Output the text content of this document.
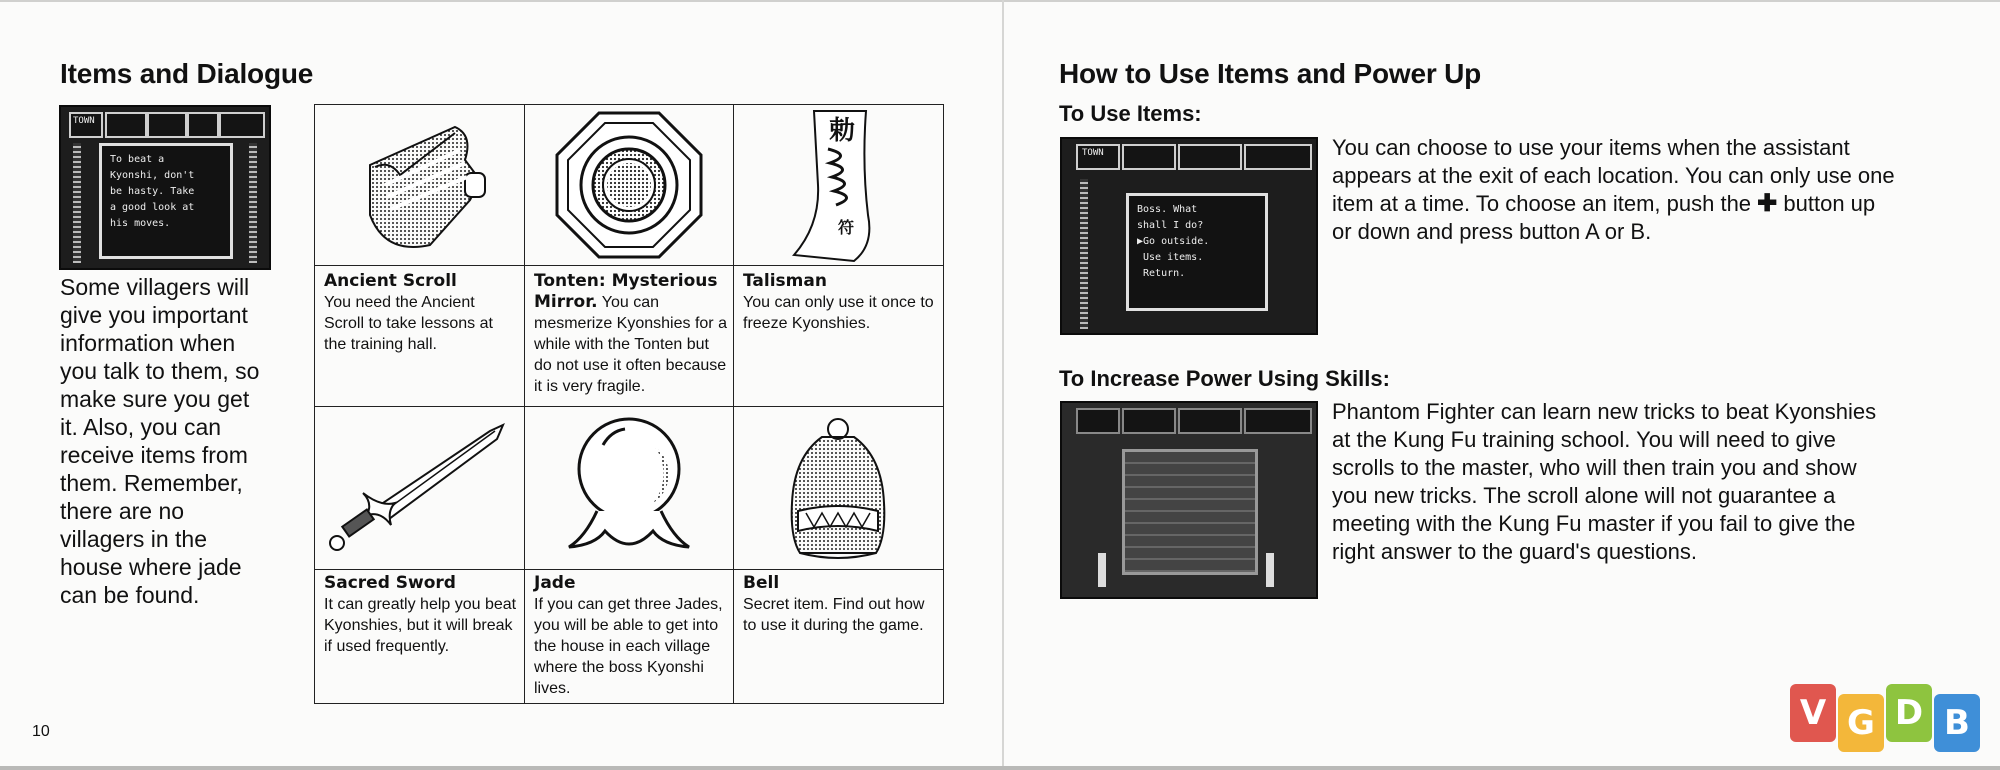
Items and Dialogue
TOWN
To beat a
Kyonshi, don't
be hasty. Take
a good look at
his moves.
Some villagers will
give you important
information when
you talk to them, so
make sure you get
it. Also, you can
receive items from
them. Remember,
there are no
villagers in the
house where jade
can be found.
10
Ancient Scroll
You need the Ancient Scroll to take lessons at the training hall.
Tonten: Mysterious Mirror. You can mesmerize Kyonshies for a while with the Tonten but do not use it often because it is very fragile.
勅
符
Talisman
You can only use it once to freeze Kyonshies.
Sacred Sword
It can greatly help you beat Kyonshies, but it will break if used frequently.
Jade
If you can get three Jades, you will be able to get into the house in each village where the boss Kyonshi lives.
Bell
Secret item. Find out how to use it during the game.
How to Use Items and Power Up
To Use Items:
TOWN
Boss. What
shall I do?
▶Go outside.
Use items.
Return.
You can choose to use your items when the assistant
appears at the exit of each location. You can only use one
item at a time. To choose an item, push the ✚ button up
or down and press button A or B.
To Increase Power Using Skills:
Phantom Fighter can learn new tricks to beat Kyonshies
at the Kung Fu training school. You will need to give
scrolls to the master, who will then train you and show
you new tricks. The scroll alone will not guarantee a
meeting with the Kung Fu master if you fail to give the
right answer to the guard's questions.
V G D B
